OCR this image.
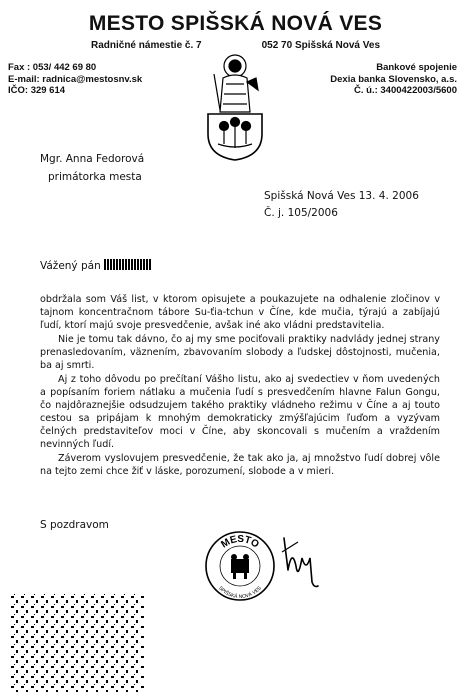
MESTO SPIŠSKÁ NOVÁ VES
Radničné námestie č. 7	052 70 Spišská Nová Ves
Fax : 053/ 442 69 80
E-mail: radnica@mestosnv.sk
IČO: 329 614
Bankové spojenie
Dexia banka Slovensko, a.s.
Č. ú.: 3400422003/5600
Mgr. Anna Fedorová
primátorka mesta
Spišská Nová Ves 13. 4. 2006
Č. j. 105/2006
Vážený pán

obdržala som Váš list, v ktorom opisujete a poukazujete na odhalenie zločinov v tajnom koncentračnom tábore Su-ťia-tchun v Číne, kde mučia, týrajú a zabíjajú ľudí, ktorí majú svoje presvedčenie, avšak iné ako vládni predstavitelia.

Nie je tomu tak dávno, čo aj my sme pociťovali praktiky nadvlády jednej strany prenasledovaním, väznením, zbavovaním slobody a ľudskej dôstojnosti, mučenia, ba aj smrti.

Aj z toho dôvodu po prečítaní Vášho listu, ako aj svedectiev v ňom uvedených a popísaním foriem nátlaku a mučenia ľudí s presvedčením hlavne Falun Gongu, čo najdôraznejšie odsudzujem takého praktiky vládneho režimu v Číne a aj touto cestou sa pripájam k mnohým demokraticky zmýšľajúcim ľuďom a vyzývam čelných predstaviteľov moci v Číne, aby skoncovali s mučením a vraždením nevinných ľudí.

Záverom vyslovujem presvedčenie, že tak ako ja, aj množstvo ľudí dobrej vôle na tejto zemi chce žiť v láske, porozumení, slobode a v mieri.

S pozdravom
MESTO
SPIŠSKÁ NOVÁ VES
